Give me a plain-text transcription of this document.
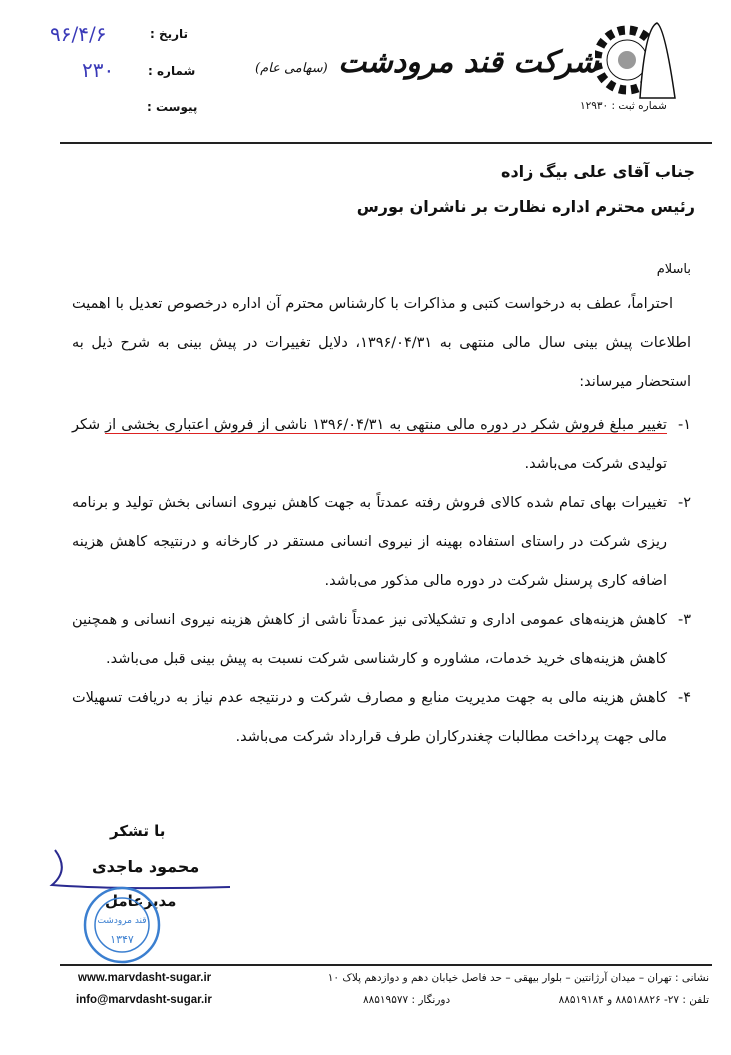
شماره ثبت : ۱۲۹۳۰
شرکت قند مرودشت (سهامی عام)
تاریخ :
۹۶/۴/۶
شماره :
۲۳۰
پیوست :
جناب آقای علی بیگ زاده
رئیس محترم اداره نظارت بر ناشران بورس

باسلام

احتراماً، عطف به درخواست کتبی و مذاکرات با کارشناس محترم آن اداره درخصوص تعدیل با اهمیت اطلاعات پیش بینی سال مالی منتهی به ۱۳۹۶/۰۴/۳۱، دلایل تغییرات در پیش بینی به شرح ذیل به استحضار میرساند:

۱-
تغییر مبلغ فروش شکر در دوره مالی منتهی به ۱۳۹۶/۰۴/۳۱ ناشی از فروش اعتباری بخشی از شکر تولیدی شرکت می‌باشد.
۲-
تغییرات بهای تمام شده کالای فروش رفته عمدتاً به جهت کاهش نیروی انسانی بخش تولید و برنامه ریزی شرکت در راستای استفاده بهینه از نیروی انسانی مستقر در کارخانه و درنتیجه کاهش هزینه اضافه کاری پرسنل شرکت در دوره مالی مذکور می‌باشد.
۳-
کاهش هزینه‌های عمومی اداری و تشکیلاتی نیز عمدتاً ناشی از کاهش هزینه نیروی انسانی و همچنین کاهش هزینه‌های خرید خدمات، مشاوره و کارشناسی شرکت نسبت به پیش بینی قبل می‌باشد.
۴-
کاهش هزینه مالی به جهت مدیریت منابع و مصارف شرکت و درنتیجه عدم نیاز به دریافت تسهیلات مالی جهت پرداخت مطالبات چغندرکاران طرف قرارداد شرکت می‌باشد.
با تشکر
محمود ماجدی
مدیرعامل
۱۳۴۷
قند مرودشت
نشانی : تهران – میدان آرژانتین – بلوار بیهقی – حد فاصل خیابان دهم و دوازدهم پلاک ۱۰
تلفن : ۲۷- ۸۸۵۱۸۸۲۶ و ۸۸۵۱۹۱۸۴
دورنگار : ۸۸۵۱۹۵۷۷
www.marvdasht-sugar.ir
info@marvdasht-sugar.ir
